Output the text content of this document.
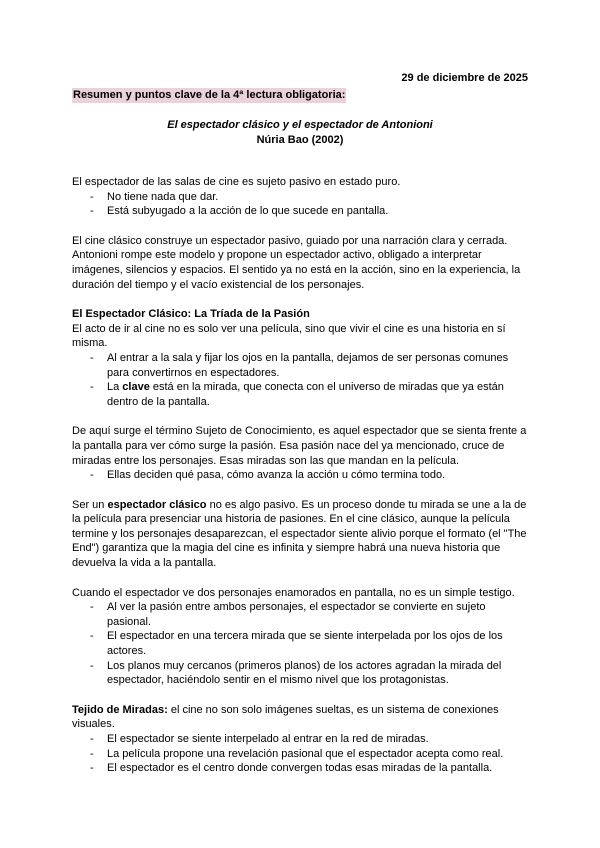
29 de diciembre de 2025
Resumen y puntos clave de la 4ª lectura obligatoria:
El espectador clásico y el espectador de Antonioni
Núria Bao (2002)

El espectador de las salas de cine es sujeto pasivo en estado puro.

- No tiene nada que dar.
- Está subyugado a la acción de lo que sucede en pantalla.

El cine clásico construye un espectador pasivo, guiado por una narración clara y cerrada. Antonioni rompe este modelo y propone un espectador activo, obligado a interpretar imágenes, silencios y espacios. El sentido ya no está en la acción, sino en la experiencia, la duración del tiempo y el vacío existencial de los personajes.

El Espectador Clásico: La Tríada de la Pasión

El acto de ir al cine no es solo ver una película, sino que vivir el cine es una historia en sí misma.

- Al entrar a la sala y fijar los ojos en la pantalla, dejamos de ser personas comunes para convertirnos en espectadores.
- La clave está en la mirada, que conecta con el universo de miradas que ya están dentro de la pantalla.

De aquí surge el término Sujeto de Conocimiento, es aquel espectador que se sienta frente a la pantalla para ver cómo surge la pasión. Esa pasión nace del ya mencionado, cruce de miradas entre los personajes. Esas miradas son las que mandan en la película.

- Ellas deciden qué pasa, cómo avanza la acción u cómo termina todo.

Ser un espectador clásico no es algo pasivo. Es un proceso donde tu mirada se une a la de la película para presenciar una historia de pasiones. En el cine clásico, aunque la película termine y los personajes desaparezcan, el espectador siente alivio porque el formato (el "The End") garantiza que la magia del cine es infinita y siempre habrá una nueva historia que devuelva la vida a la pantalla.

Cuando el espectador ve dos personajes enamorados en pantalla, no es un simple testigo.

- Al ver la pasión entre ambos personajes, el espectador se convierte en sujeto pasional.
- El espectador en una tercera mirada que se siente interpelada por los ojos de los actores.
- Los planos muy cercanos (primeros planos) de los actores agradan la mirada del espectador, haciéndolo sentir en el mismo nivel que los protagonistas.

Tejido de Miradas: el cine no son solo imágenes sueltas, es un sistema de conexiones visuales.

- El espectador se siente interpelado al entrar en la red de miradas.
- La película propone una revelación pasional que el espectador acepta como real.
- El espectador es el centro donde convergen todas esas miradas de la pantalla.
